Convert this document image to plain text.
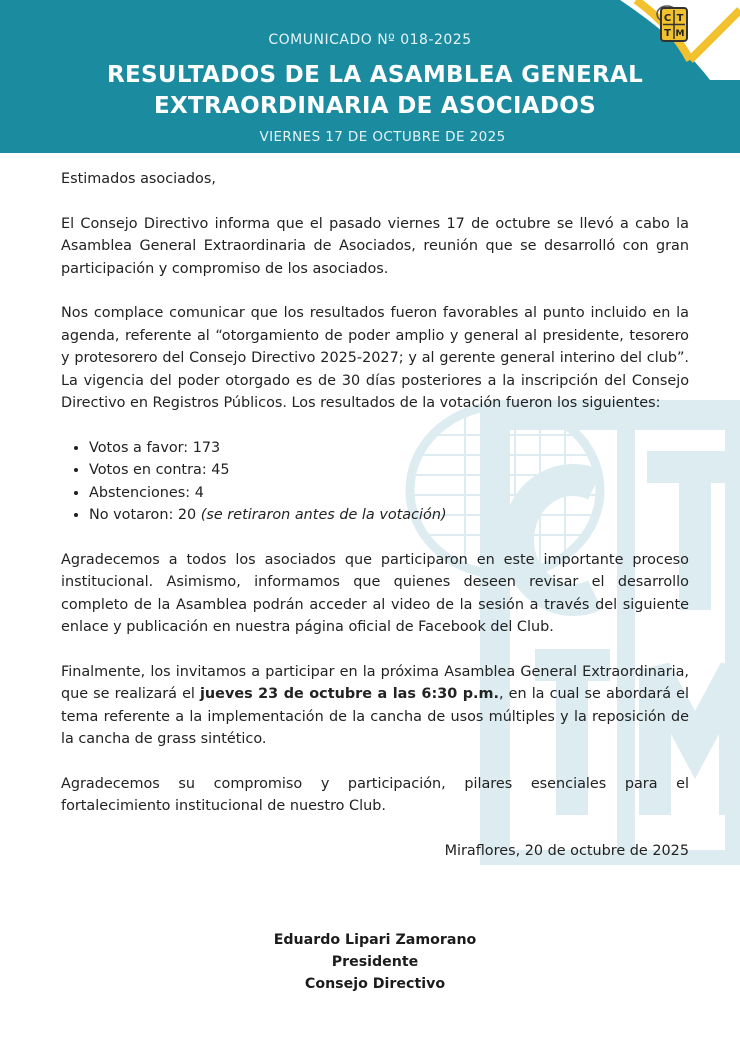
C T
T M
COMUNICADO Nº 018-2025
RESULTADOS DE LA ASAMBLEA GENERAL
EXTRAORDINARIA DE ASOCIADOS
VIERNES 17 DE OCTUBRE DE 2025

Estimados asociados,

El Consejo Directivo informa que el pasado viernes 17 de octubre se llevó a cabo la Asamblea General Extraordinaria de Asociados, reunión que se desarrolló con gran participación y compromiso de los asociados.

Nos complace comunicar que los resultados fueron favorables al punto incluido en la agenda, referente al “otorgamiento de poder amplio y general al presidente, tesorero y protesorero del Consejo Directivo 2025-2027; y al gerente general interino del club”. La vigencia del poder otorgado es de 30 días posteriores a la inscripción del Consejo Directivo en Registros Públicos. Los resultados de la votación fueron los siguientes:

• Votos a favor: 173
• Votos en contra: 45
• Abstenciones: 4
• No votaron: 20 (se retiraron antes de la votación)

Agradecemos a todos los asociados que participaron en este importante proceso institucional. Asimismo, informamos que quienes deseen revisar el desarrollo completo de la Asamblea podrán acceder al video de la sesión a través del siguiente enlace y publicación en nuestra página oficial de Facebook del Club.

Finalmente, los invitamos a participar en la próxima Asamblea General Extraordinaria, que se realizará el jueves 23 de octubre a las 6:30 p.m., en la cual se abordará el tema referente a la implementación de la cancha de usos múltiples y la reposición de la cancha de grass sintético.

Agradecemos su compromiso y participación, pilares esenciales para el fortalecimiento institucional de nuestro Club.

Miraflores, 20 de octubre de 2025

Eduardo Lipari Zamorano
Presidente
Consejo Directivo
